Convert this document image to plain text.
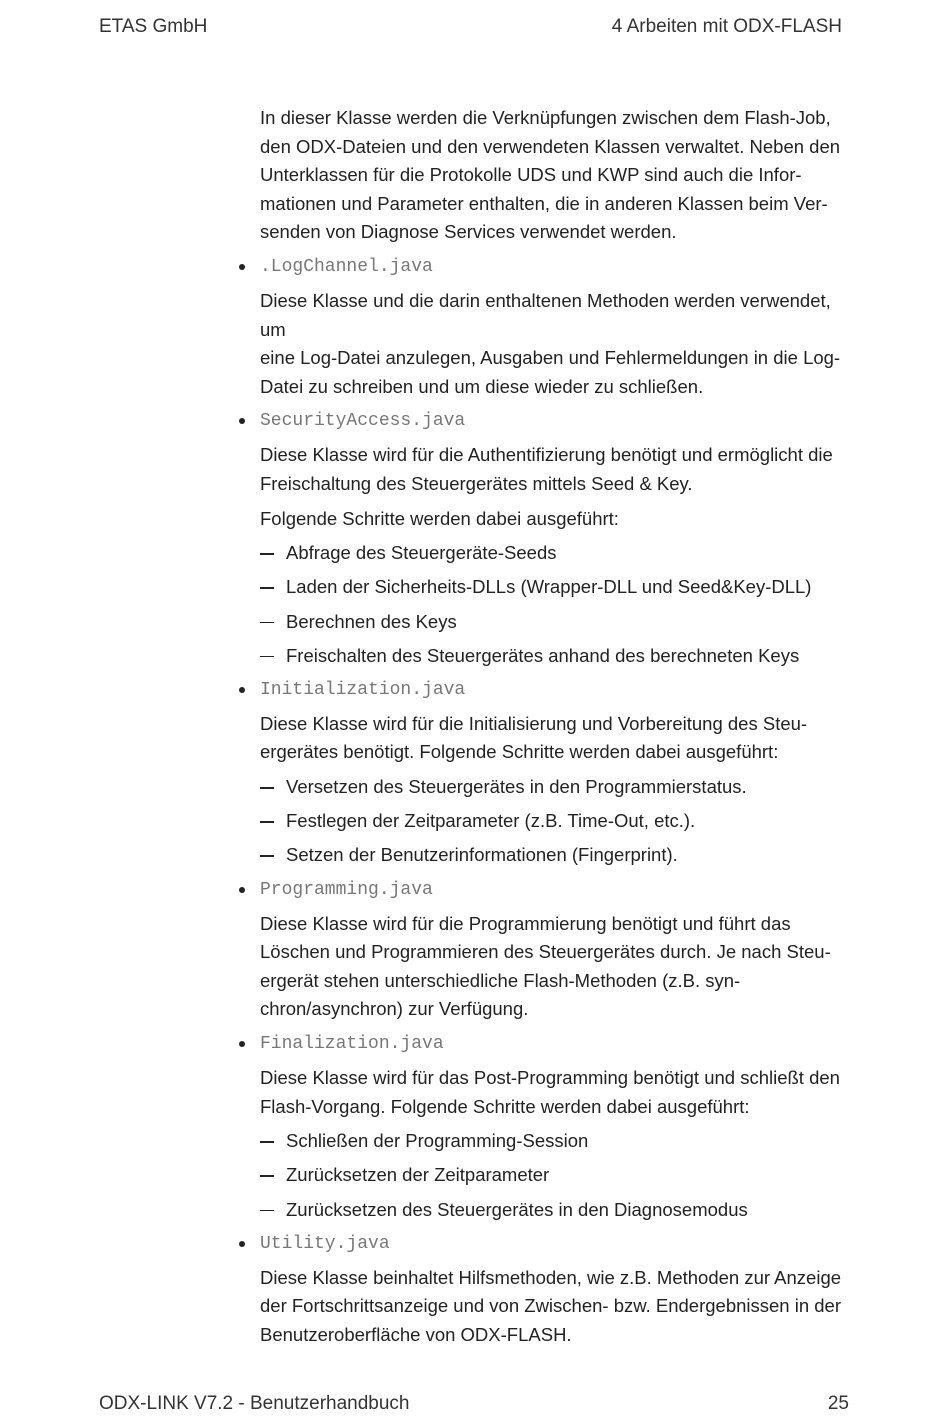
ETAS GmbH	4 Arbeiten mit ODX-FLASH

In dieser Klasse werden die Verknüpfungen zwischen dem Flash-Job,

den ODX-Dateien und den verwendeten Klassen verwaltet. Neben den

Unterklassen für die Protokolle UDS und KWP sind auch die Infor-

mationen und Parameter enthalten, die in anderen Klassen beim Ver-

senden von Diagnose Services verwendet werden.

.LogChannel.java

Diese Klasse und die darin enthaltenen Methoden werden verwendet, um

eine Log-Datei anzulegen, Ausgaben und Fehlermeldungen in die Log-

Datei zu schreiben und um diese wieder zu schließen.

SecurityAccess.java

Diese Klasse wird für die Authentifizierung benötigt und ermöglicht die

Freischaltung des Steuergerätes mittels Seed & Key.

Folgende Schritte werden dabei ausgeführt:

Abfrage des Steuergeräte-Seeds
Laden der Sicherheits-DLLs (Wrapper-DLL und Seed&Key-DLL)
Berechnen des Keys
Freischalten des Steuergerätes anhand des berechneten Keys
Initialization.java

Diese Klasse wird für die Initialisierung und Vorbereitung des Steu-

ergerätes benötigt. Folgende Schritte werden dabei ausgeführt:

Versetzen des Steuergerätes in den Programmierstatus.
Festlegen der Zeitparameter (z.B. Time-Out, etc.).
Setzen der Benutzerinformationen (Fingerprint).
Programming.java

Diese Klasse wird für die Programmierung benötigt und führt das

Löschen und Programmieren des Steuergerätes durch. Je nach Steu-

ergerät stehen unterschiedliche Flash-Methoden (z.B. syn-

chron/asynchron) zur Verfügung.

Finalization.java

Diese Klasse wird für das Post-Programming benötigt und schließt den

Flash-Vorgang. Folgende Schritte werden dabei ausgeführt:

Schließen der Programming-Session
Zurücksetzen der Zeitparameter
Zurücksetzen des Steuergerätes in den Diagnosemodus
Utility.java

Diese Klasse beinhaltet Hilfsmethoden, wie z.B. Methoden zur Anzeige

der Fortschrittsanzeige und von Zwischen- bzw. Endergebnissen in der

Benutzeroberfläche von ODX-FLASH.

ODX-LINK V7.2 - Benutzerhandbuch	25
